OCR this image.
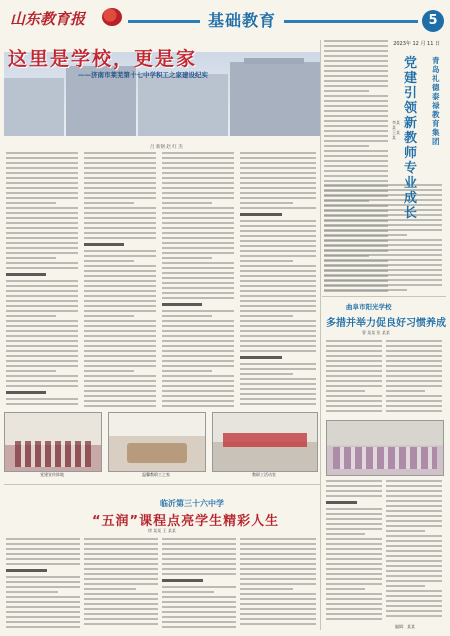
山东教育报	基础教育	5
2023年 12 月 11 日
这里是学校，更是家
——济南市莱芜第十七中学积工之家建设纪实
吕 新钢 赵 红 杰
党建宣传阵地	温馨教职工之家	教职工活动室
青岛礼德泰禄教育集团
党建引领新教师专业成长
李某某 王某某
曲阜市阳光学校
多措并举力促良好习惯养成
曹 某某 张 某某
临沂第三十六中学
“五润”课程点亮学生精彩人生
徐 某某 王 某某
编辑：某某
